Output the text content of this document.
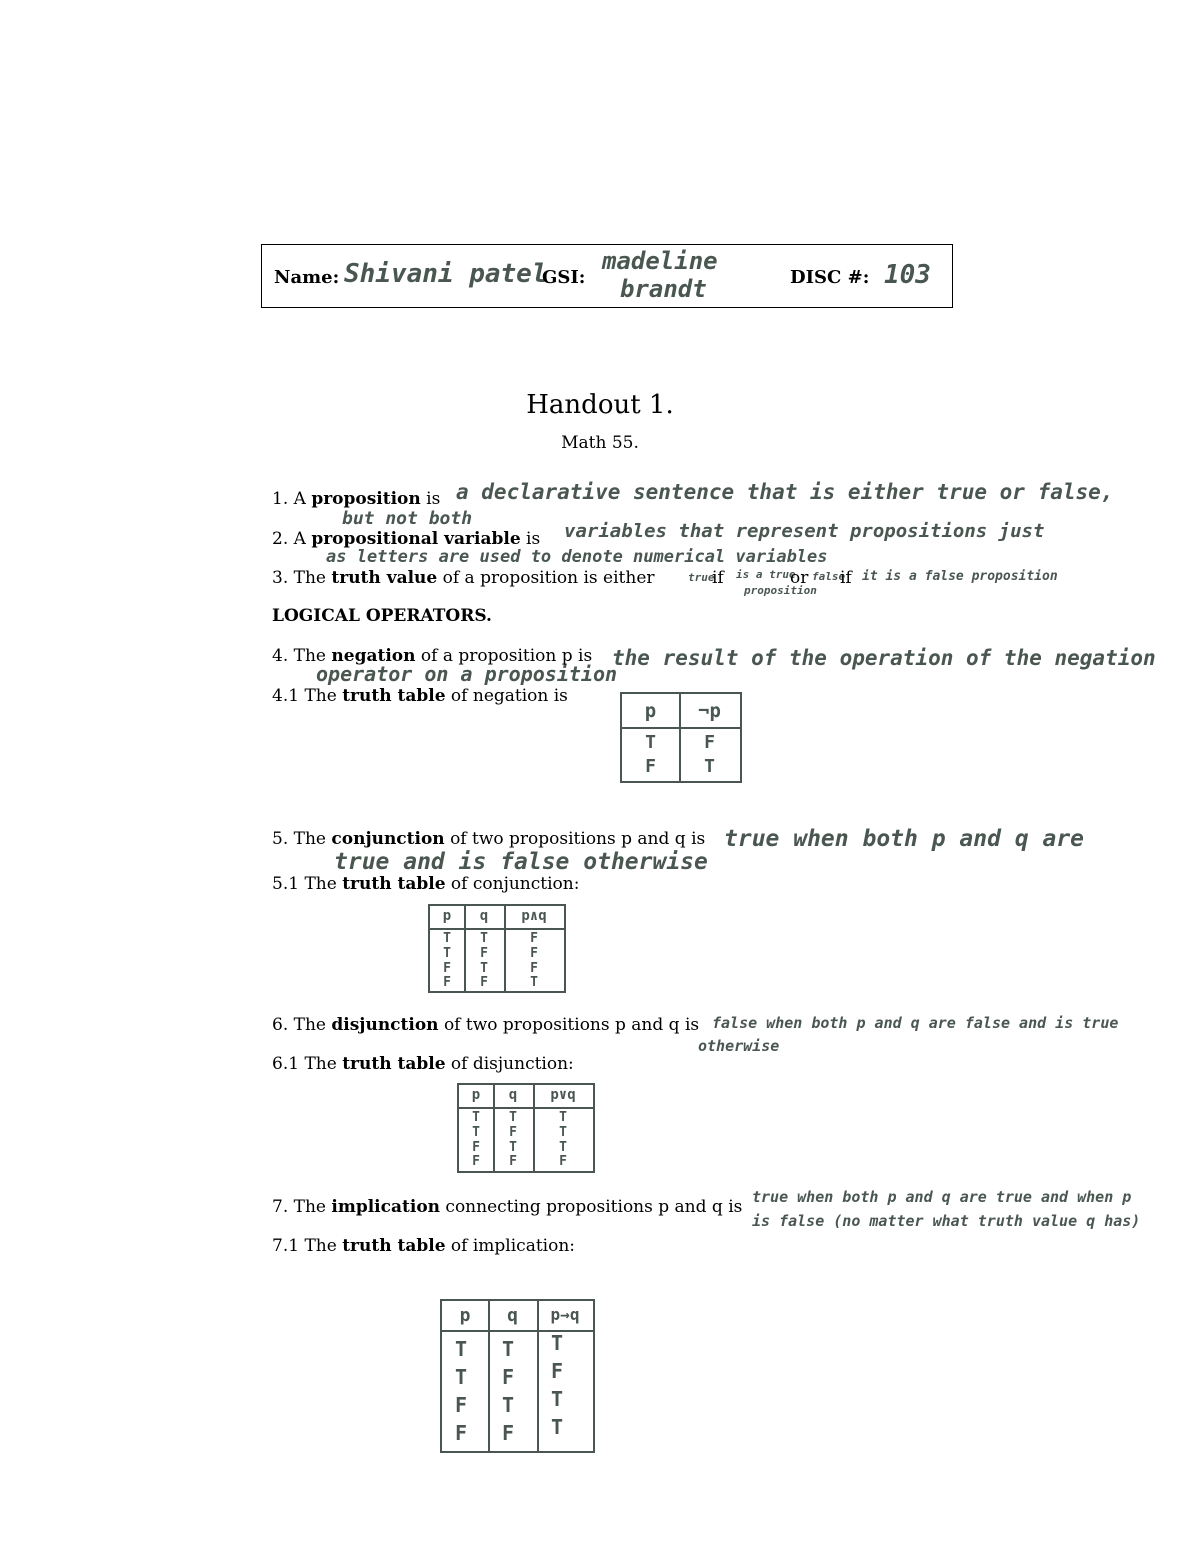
Name: Shivani patel
GSI:
madeline
brandt	DISC #: 103
Handout 1.
Math 55.
1. A proposition is a declarative sentence that is either true or false,
but not both
2. A propositional variable is variables that represent propositions just
as letters are used to denote numerical variables
3. The truth value of a proposition is either	true
if is a true
proposition
or false
if it is a false proposition
LOGICAL OPERATORS.
4. The negation of a proposition p is the result of the operation of the negation
operator on a proposition
4.1 The truth table of negation is
p	¬p
T	F
F	T
5. The conjunction of two propositions p and q is true when both p and q are
true and is false otherwise
5.1 The truth table of conjunction:
p	q	p∧q
T	T	F
T	F	F
F	T	F
F	F	T
6. The disjunction of two propositions p and q is false when both p and q are false and is true
otherwise
6.1 The truth table of disjunction:
p	q	p∨q
T	T	T
T	F	T
F	T	T
F	F	F
7. The implication connecting propositions p and q is true when both p and q are true and when p
is false (no matter what truth value q has)
7.1 The truth table of implication:
p	q	p→q
T	T	T
T	F	F
F	T	T
F	F	T
